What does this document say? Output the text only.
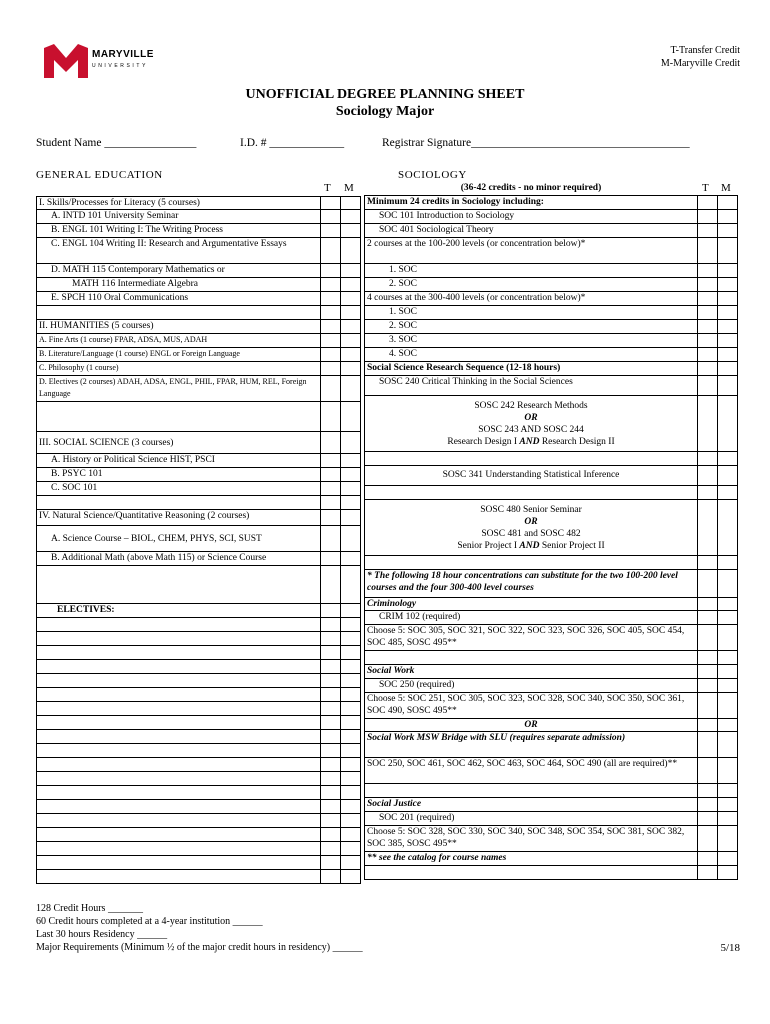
MARYVILLE
UNIVERSITY
T-Transfer Credit
M-Maryville Credit
UNOFFICIAL DEGREE PLANNING SHEET
Sociology Major
Student Name ________________	I.D. # _____________	Registrar Signature______________________________________
GENERAL EDUCATION	SOCIOLOGY
T M	T M
I. Skills/Processes for Literacy (5 courses)		
A. INTD 101 University Seminar		
B. ENGL 101 Writing I: The Writing Process		
C. ENGL 104 Writing II: Research and Argumentative Essays		
D. MATH 115 Contemporary Mathematics or		
MATH 116 Intermediate Algebra		
E. SPCH 110 Oral Communications		

II. HUMANITIES (5 courses)		
A. Fine Arts (1 course) FPAR, ADSA, MUS, ADAH		
B. Literature/Language (1 course) ENGL or Foreign Language		
C. Philosophy (1 course)		
D. Electives (2 courses) ADAH, ADSA, ENGL, PHIL, FPAR, HUM, REL, Foreign Language		

III. SOCIAL SCIENCE (3 courses)		
A. History or Political Science HIST, PSCI		
B. PSYC 101		
C. SOC 101		

IV. Natural Science/Quantitative Reasoning (2 courses)		
A. Science Course – BIOL, CHEM, PHYS, SCI, SUST		
B. Additional Math (above Math 115) or Science Course		

ELECTIVES:		

(36-42 credits - no minor required)		
Minimum 24 credits in Sociology including:		
SOC 101 Introduction to Sociology		
SOC 401 Sociological Theory		
2 courses at the 100-200 levels (or concentration below)*		
1. SOC		
2. SOC		
4 courses at the 300-400 levels (or concentration below)*		
1. SOC		
2. SOC		
3. SOC		
4. SOC		
Social Science Research Sequence (12-18 hours)		
SOSC 240 Critical Thinking in the Social Sciences		

SOSC 242 Research Methods
OR
SOSC 243 AND SOSC 244
Research Design I AND Research Design II		

SOSC 341 Understanding Statistical Inference		

SOSC 480 Senior Seminar
OR
SOSC 481 and SOSC 482
Senior Project I AND Senior Project II		

* The following 18 hour concentrations can substitute for the two 100-200 level courses and the four 300-400 level courses		
Criminology		
CRIM 102 (required)		
Choose 5: SOC 305, SOC 321, SOC 322, SOC 323, SOC 326, SOC 405, SOC 454, SOC 485, SOSC 495**		

Social Work		
SOC 250 (required)		
Choose 5: SOC 251, SOC 305, SOC 323, SOC 328, SOC 340, SOC 350, SOC 361, SOC 490, SOSC 495**		
OR		
Social Work MSW Bridge with SLU (requires separate admission)		
SOC 250, SOC 461, SOC 462, SOC 463, SOC 464, SOC 490 (all are required)**		

Social Justice		
SOC 201 (required)		
Choose 5: SOC 328, SOC 330, SOC 340, SOC 348, SOC 354, SOC 381, SOC 382, SOC 385, SOSC 495**		
** see the catalog for course names		

128 Credit Hours _______
60 Credit hours completed at a 4-year institution ______
Last 30 hours Residency ______
Major Requirements (Minimum ½ of the major credit hours in residency) ______	5/18
